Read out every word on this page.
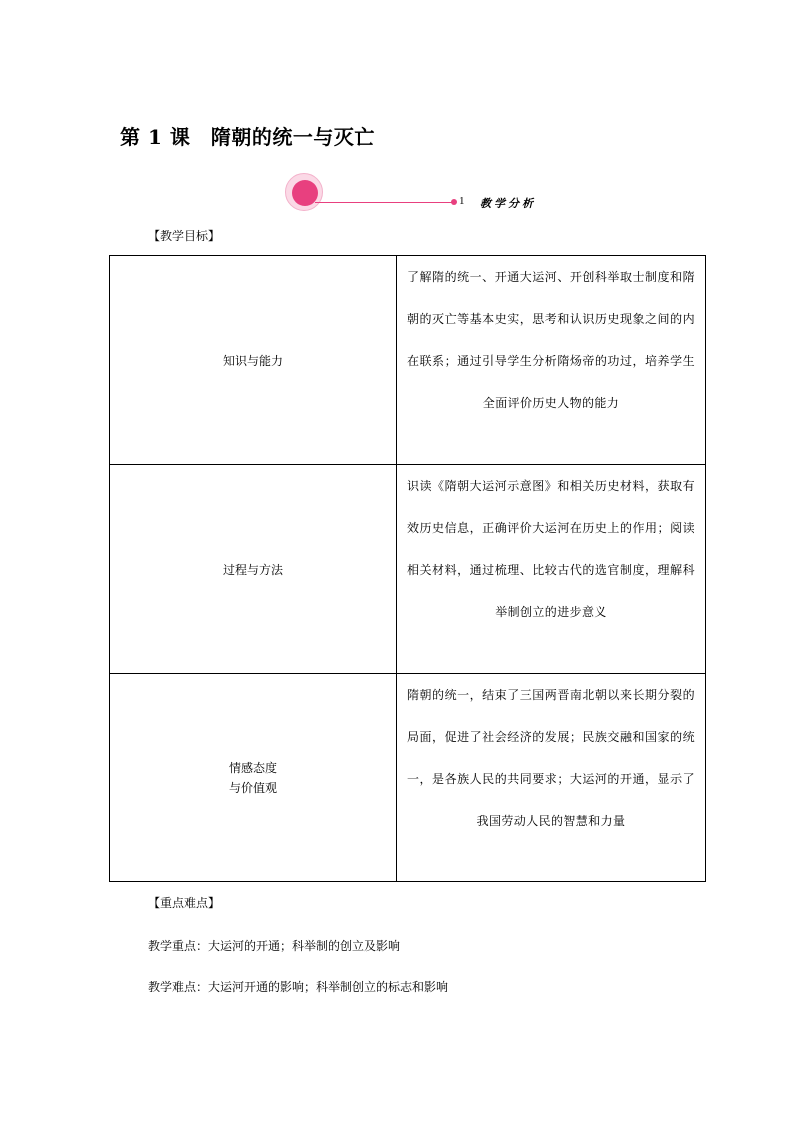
第 1 课　隋朝的统一与灭亡
1 教学分析
【教学目标】
知识与能力	了解隋的统一、开通大运河、开创科举取士制度和隋朝的灭亡等基本史实，思考和认识历史现象之间的内在联系；通过引导学生分析隋炀帝的功过，培养学生全面评价历史人物的能力
过程与方法	识读《隋朝大运河示意图》和相关历史材料，获取有效历史信息，正确评价大运河在历史上的作用；阅读相关材料，通过梳理、比较古代的选官制度，理解科举制创立的进步意义
情感态度
与价值观	隋朝的统一，结束了三国两晋南北朝以来长期分裂的局面，促进了社会经济的发展；民族交融和国家的统一，是各族人民的共同要求；大运河的开通，显示了我国劳动人民的智慧和力量
【重点难点】
教学重点：大运河的开通；科举制的创立及影响
教学难点：大运河开通的影响；科举制创立的标志和影响
